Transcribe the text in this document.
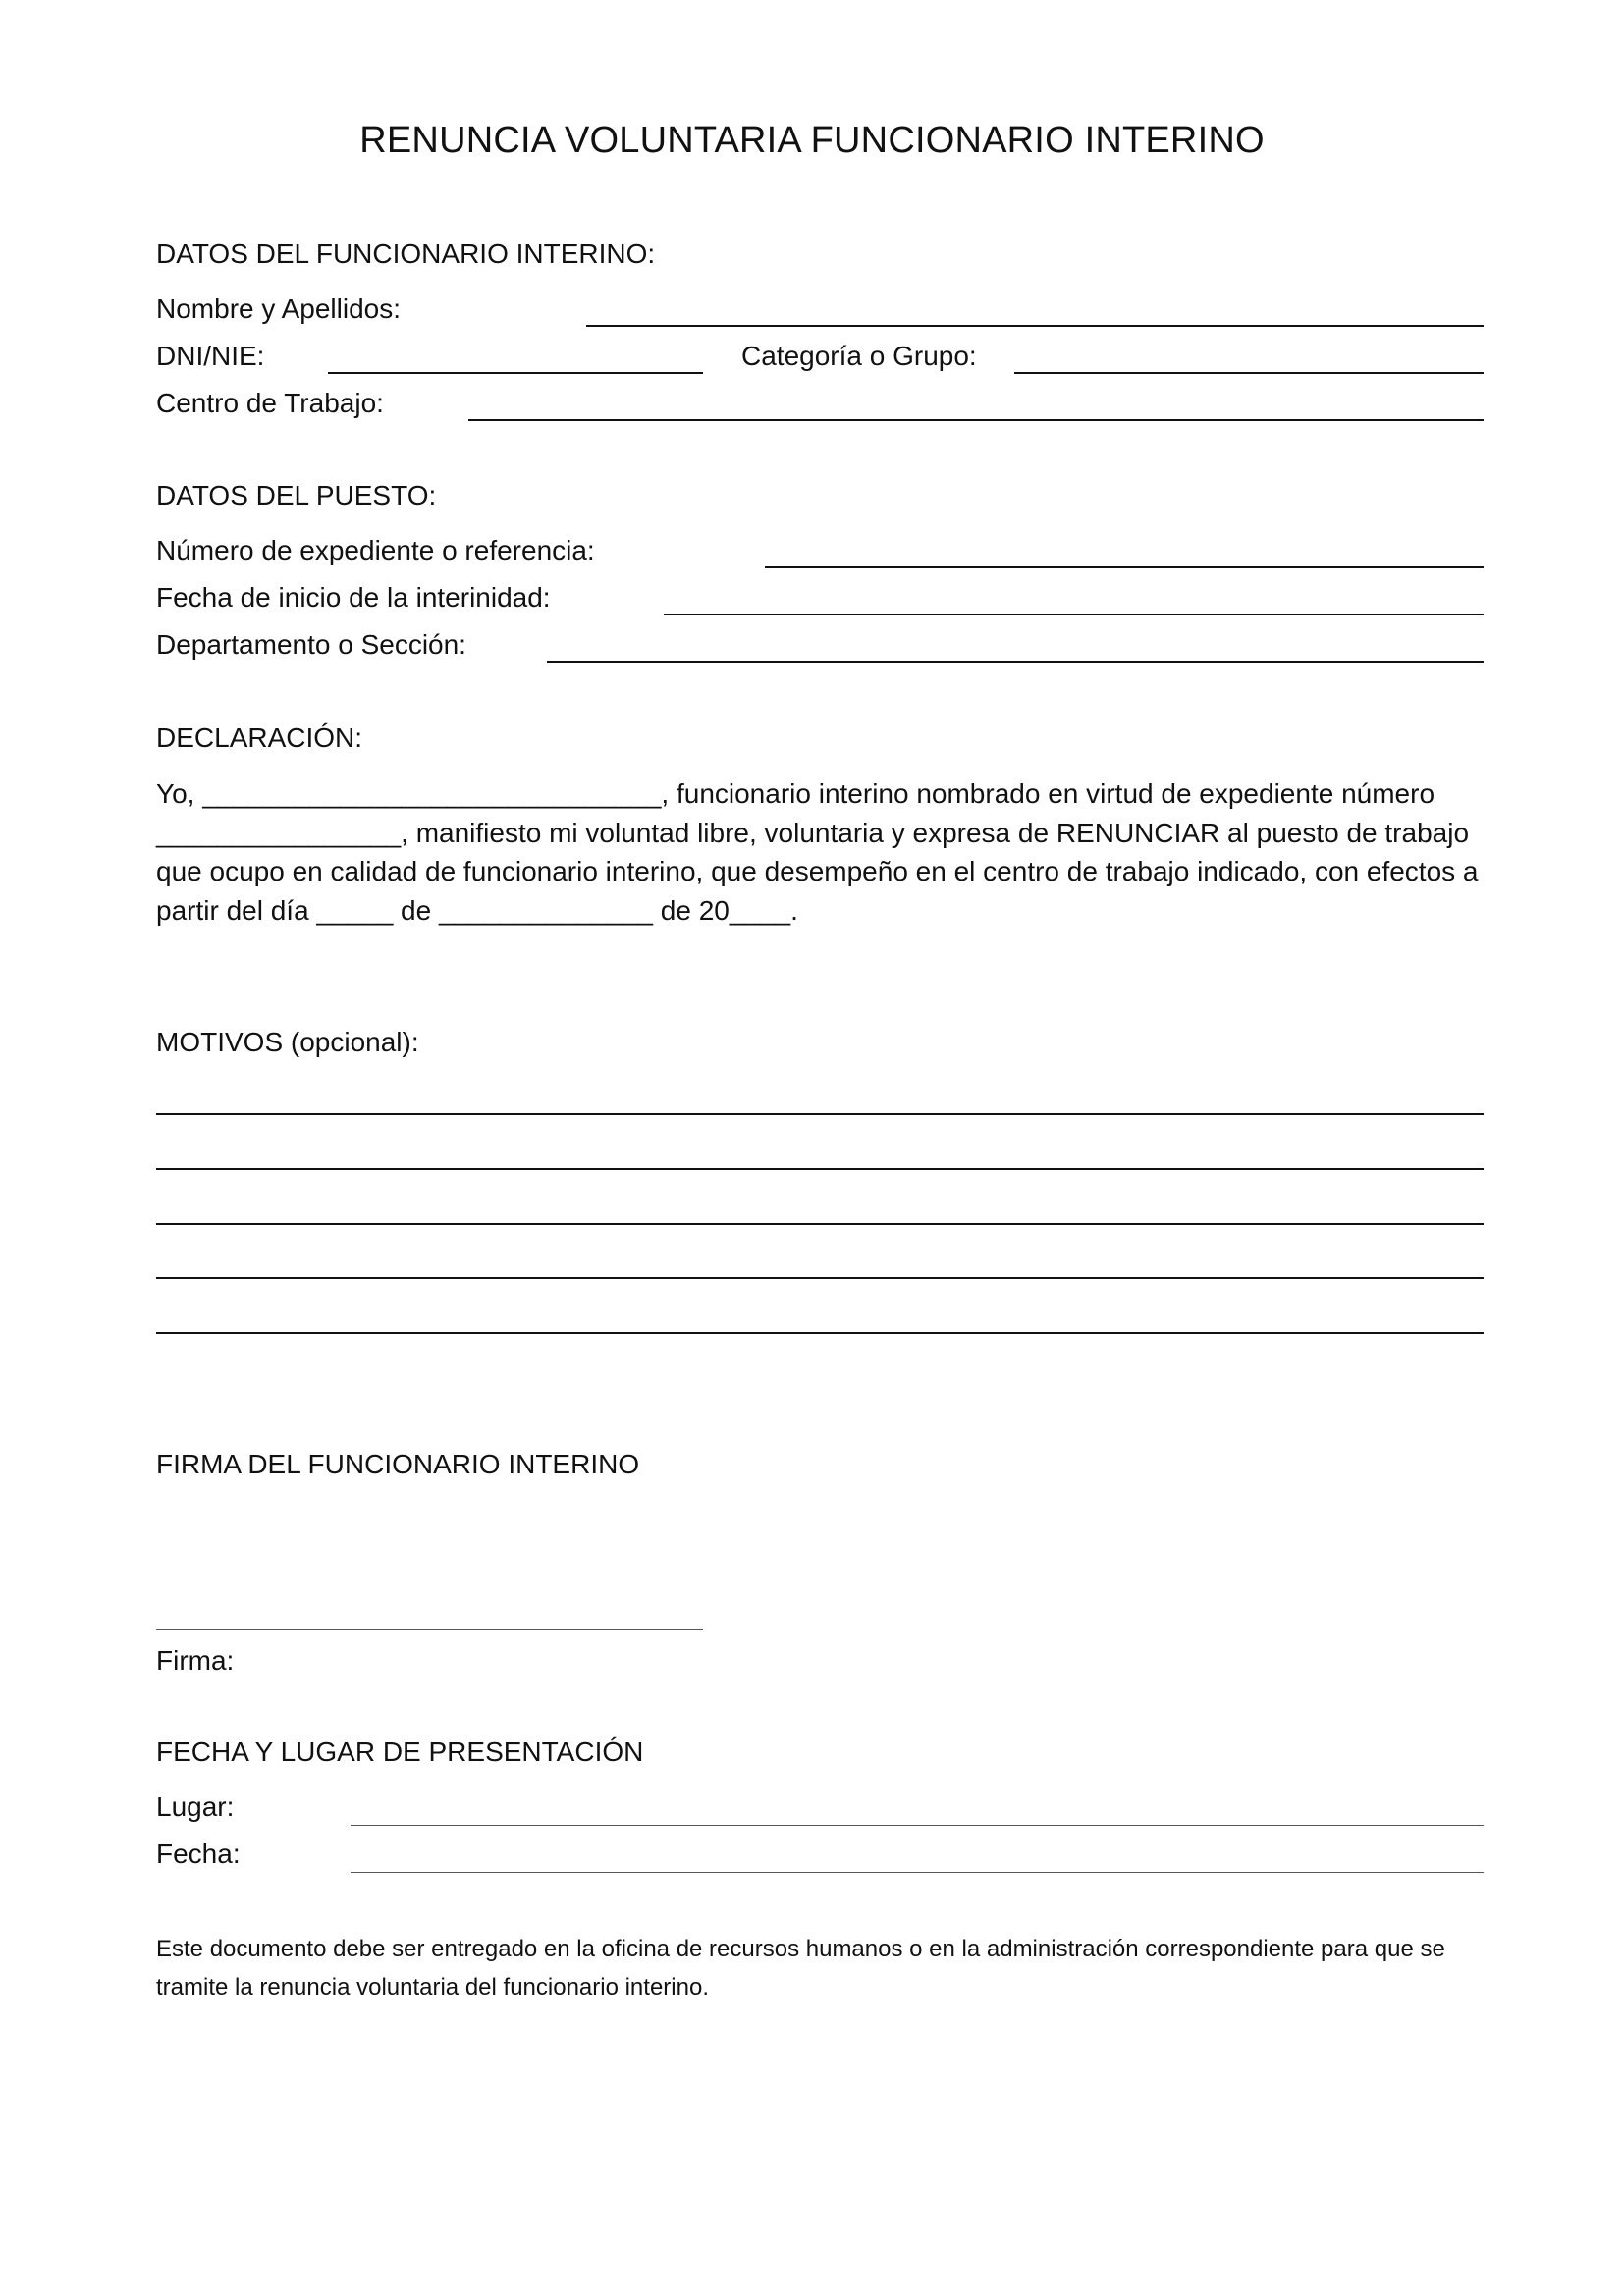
RENUNCIA VOLUNTARIA FUNCIONARIO INTERINO
DATOS DEL FUNCIONARIO INTERINO:
Nombre y Apellidos:
DNI/NIE:	Categoría o Grupo:
Centro de Trabajo:
DATOS DEL PUESTO:
Número de expediente o referencia:
Fecha de inicio de la interinidad:
Departamento o Sección:
DECLARACIÓN:
Yo, ______________________________, funcionario interino nombrado en virtud de expediente número ________________, manifiesto mi voluntad libre, voluntaria y expresa de RENUNCIAR al puesto de trabajo que ocupo en calidad de funcionario interino, que desempeño en el centro de trabajo indicado, con efectos a partir del día _____ de ______________ de 20____.
MOTIVOS (opcional):
FIRMA DEL FUNCIONARIO INTERINO
Firma:
FECHA Y LUGAR DE PRESENTACIÓN
Lugar:
Fecha:
Este documento debe ser entregado en la oficina de recursos humanos o en la administración correspondiente para que se tramite la renuncia voluntaria del funcionario interino.
